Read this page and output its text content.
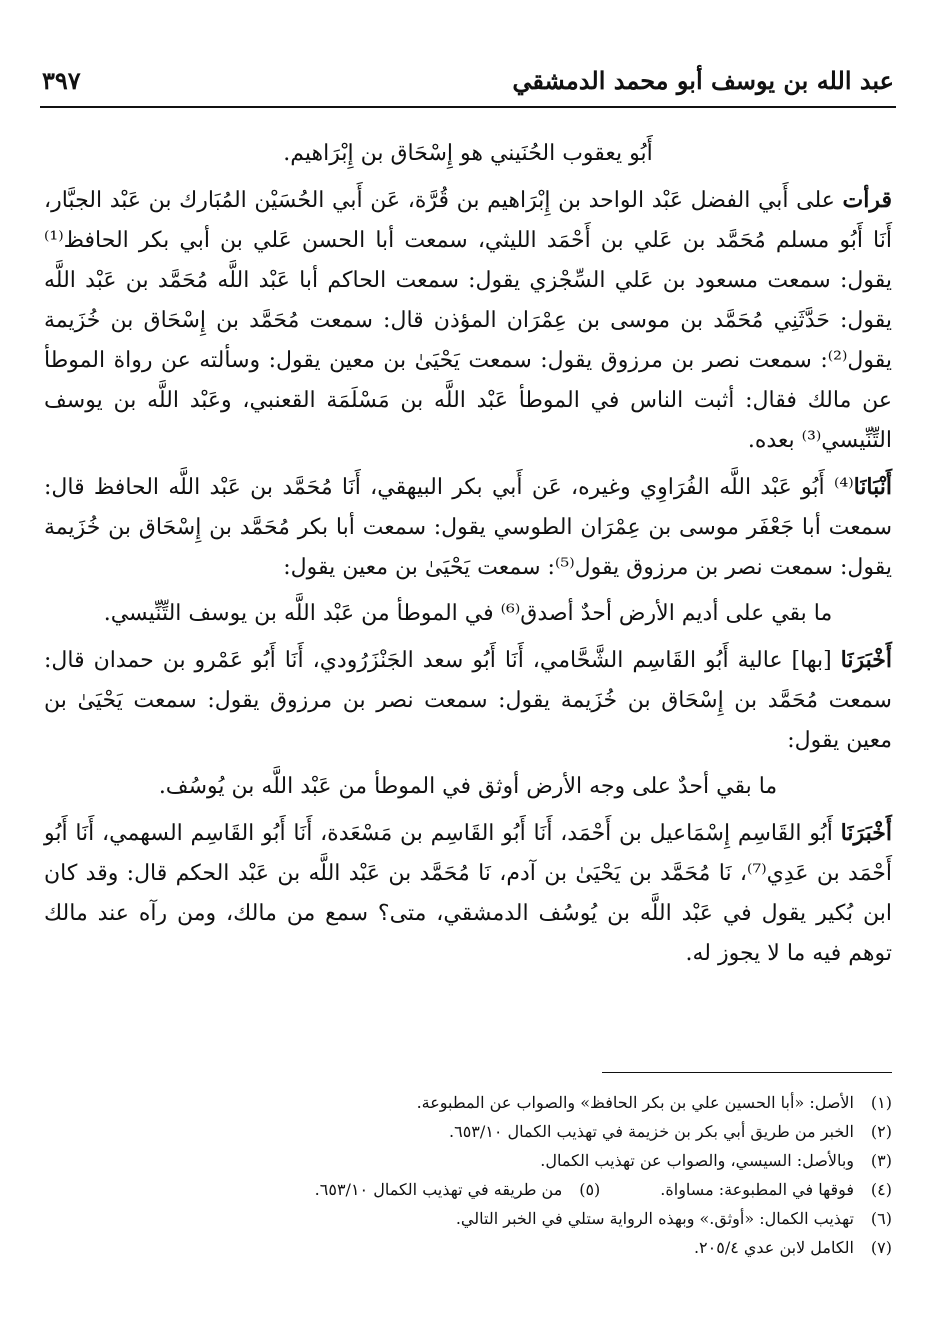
عبد الله بن يوسف أبو محمد الدمشقي
٣٩٧

أَبُو يعقوب الحُنَيني هو إِسْحَاق بن إِبْرَاهيم.

قرأت على أَبي الفضل عَبْد الواحد بن إِبْرَاهيم بن قُرَّة، عَن أَبي الحُسَيْن المُبَارك بن عَبْد الجبَّار، أَنَا أَبُو مسلم مُحَمَّد بن عَلي بن أَحْمَد الليثي، سمعت أبا الحسن عَلي بن أبي بكر الحافظ⁽¹⁾ يقول: سمعت مسعود بن عَلي السِّجْزي يقول: سمعت الحاكم أبا عَبْد اللَّه مُحَمَّد بن عَبْد اللَّه يقول: حَدَّثَنِي مُحَمَّد بن موسى بن عِمْرَان المؤذن قال: سمعت مُحَمَّد بن إِسْحَاق بن خُزَيمة يقول⁽²⁾: سمعت نصر بن مرزوق يقول: سمعت يَحْيَىٰ بن معين يقول: وسألته عن رواة الموطأ عن مالك فقال: أثبت الناس في الموطأ عَبْد اللَّه بن مَسْلَمَة القعنبي، وعَبْد اللَّه بن يوسف التِّنِّيسي⁽³⁾ بعده.

أَنْبَانَا⁽⁴⁾ أَبُو عَبْد اللَّه الفُرَاوِي وغيره، عَن أَبي بكر البيهقي، أَنَا مُحَمَّد بن عَبْد اللَّه الحافظ قال: سمعت أبا جَعْفَر موسى بن عِمْرَان الطوسي يقول: سمعت أبا بكر مُحَمَّد بن إِسْحَاق بن خُزَيمة يقول: سمعت نصر بن مرزوق يقول⁽⁵⁾: سمعت يَحْيَىٰ بن معين يقول:

ما بقي على أديم الأرض أحدٌ أصدق⁽⁶⁾ في الموطأ من عَبْد اللَّه بن يوسف التِّنِّيسي.

أَخْبَرَنَا [بها] عالية أَبُو القَاسِم الشَّحَّامي، أَنَا أَبُو سعد الجَنْزَرُودي، أَنَا أَبُو عَمْرو بن حمدان قال: سمعت مُحَمَّد بن إِسْحَاق بن خُزَيمة يقول: سمعت نصر بن مرزوق يقول: سمعت يَحْيَىٰ بن معين يقول:

ما بقي أحدٌ على وجه الأرض أوثق في الموطأ من عَبْد اللَّه بن يُوسُف.

أَخْبَرَنَا أَبُو القَاسِم إِسْمَاعيل بن أَحْمَد، أَنَا أَبُو القَاسِم بن مَسْعَدة، أَنَا أَبُو القَاسِم السهمي، أَنَا أَبُو أَحْمَد بن عَدِي⁽⁷⁾، نَا مُحَمَّد بن يَحْيَىٰ بن آدم، نَا مُحَمَّد بن عَبْد اللَّه بن عَبْد الحكم قال: وقد كان ابن بُكير يقول في عَبْد اللَّه بن يُوسُف الدمشقي، متى؟ سمع من مالك، ومن رآه عند مالك توهم فيه ما لا يجوز له.

(١)
الأصل: «أبا الحسين علي بن بكر الحافظ» والصواب عن المطبوعة.
(٢)
الخبر من طريق أبي بكر بن خزيمة في تهذيب الكمال ٦٥٣/١٠.
(٣)
وبالأصل: السيسي، والصواب عن تهذيب الكمال.
(٤)
فوقها في المطبوعة: مساواة.
(٥)
من طريقه في تهذيب الكمال ٦٥٣/١٠.
(٦)
تهذيب الكمال: «أوثق.» وبهذه الرواية ستلي في الخبر التالي.
(٧)
الكامل لابن عدي ٢٠٥/٤.
